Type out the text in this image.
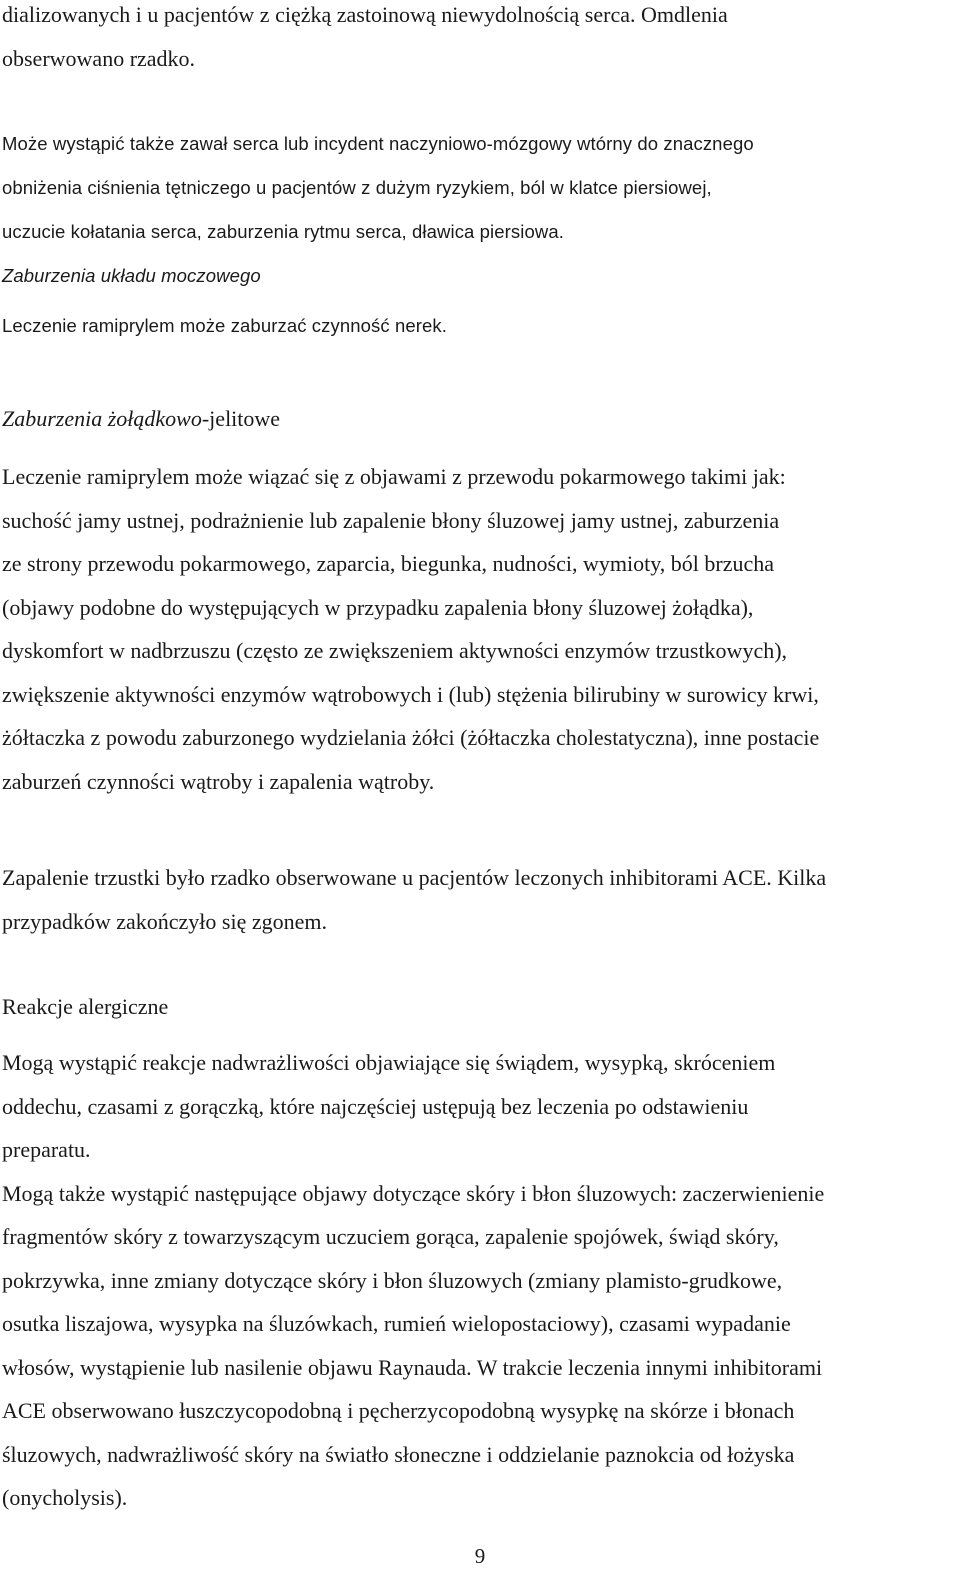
dializowanych i u pacjentów z ciężką zastoinową niewydolnością serca. Omdlenia
obserwowano rzadko.
Może wystąpić także zawał serca lub incydent naczyniowo-mózgowy wtórny do znacznego
obniżenia ciśnienia tętniczego u pacjentów z dużym ryzykiem, ból w klatce piersiowej,
uczucie kołatania serca, zaburzenia rytmu serca, dławica piersiowa.
Zaburzenia układu moczowego
Leczenie ramiprylem może zaburzać czynność nerek.
Zaburzenia żołądkowo-jelitowe
Leczenie ramiprylem może wiązać się z objawami z przewodu pokarmowego takimi jak:
suchość jamy ustnej, podrażnienie lub zapalenie błony śluzowej jamy ustnej, zaburzenia
ze strony przewodu pokarmowego, zaparcia, biegunka, nudności, wymioty, ból brzucha
(objawy podobne do występujących w przypadku zapalenia błony śluzowej żołądka),
dyskomfort w nadbrzuszu (często ze zwiększeniem aktywności enzymów trzustkowych),
zwiększenie aktywności enzymów wątrobowych i (lub) stężenia bilirubiny w surowicy krwi,
żółtaczka z powodu zaburzonego wydzielania żółci (żółtaczka cholestatyczna), inne postacie
zaburzeń czynności wątroby i zapalenia wątroby.
Zapalenie trzustki było rzadko obserwowane u pacjentów leczonych inhibitorami ACE. Kilka
przypadków zakończyło się zgonem.
Reakcje alergiczne
Mogą wystąpić reakcje nadwrażliwości objawiające się świądem, wysypką, skróceniem
oddechu, czasami z gorączką, które najczęściej ustępują bez leczenia po odstawieniu
preparatu.
Mogą także wystąpić następujące objawy dotyczące skóry i błon śluzowych: zaczerwienienie
fragmentów skóry z towarzyszącym uczuciem gorąca, zapalenie spojówek, świąd skóry,
pokrzywka, inne zmiany dotyczące skóry i błon śluzowych (zmiany plamisto-grudkowe,
osutka liszajowa, wysypka na śluzówkach, rumień wielopostaciowy), czasami wypadanie
włosów, wystąpienie lub nasilenie objawu Raynauda. W trakcie leczenia innymi inhibitorami
ACE obserwowano łuszczycopodobną i pęcherzycopodobną wysypkę na skórze i błonach
śluzowych, nadwrażliwość skóry na światło słoneczne i oddzielanie paznokcia od łożyska
(onycholysis).
9
